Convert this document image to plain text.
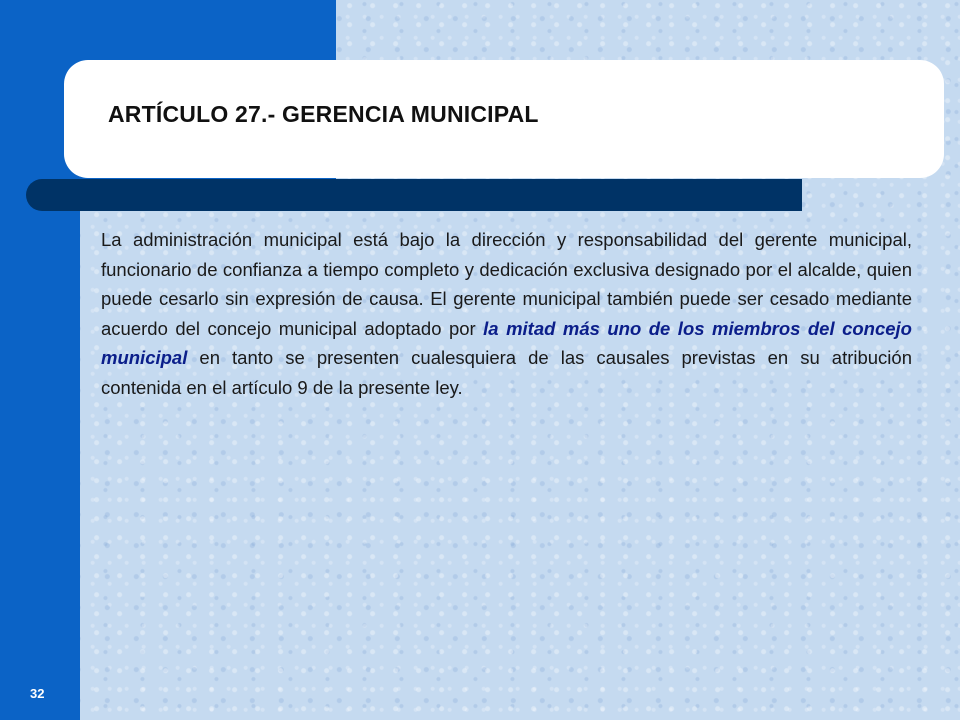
ARTÍCULO 27.- GERENCIA MUNICIPAL

La administración municipal está bajo la dirección y responsabilidad del gerente municipal, funcionario de confianza a tiempo completo y dedicación exclusiva designado por el alcalde, quien puede cesarlo sin expresión de causa. El gerente municipal también puede ser cesado mediante acuerdo del concejo municipal adoptado por la mitad más uno de los miembros del concejo municipal en tanto se presenten cualesquiera de las causales previstas en su atribución contenida en el artículo 9 de la presente ley.

32
